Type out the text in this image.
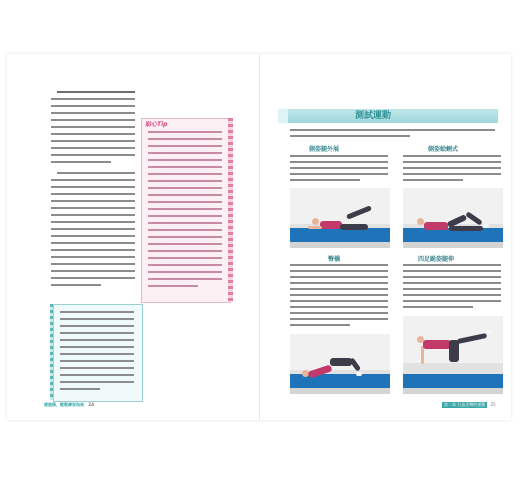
貼心Tip
瘦腿操，輕鬆練習指南 24
測試運動
側姿腿外展	側姿蛤蜊式
臀橋	四足跪姿腿伸
第二章 打造美臀的運動 25
